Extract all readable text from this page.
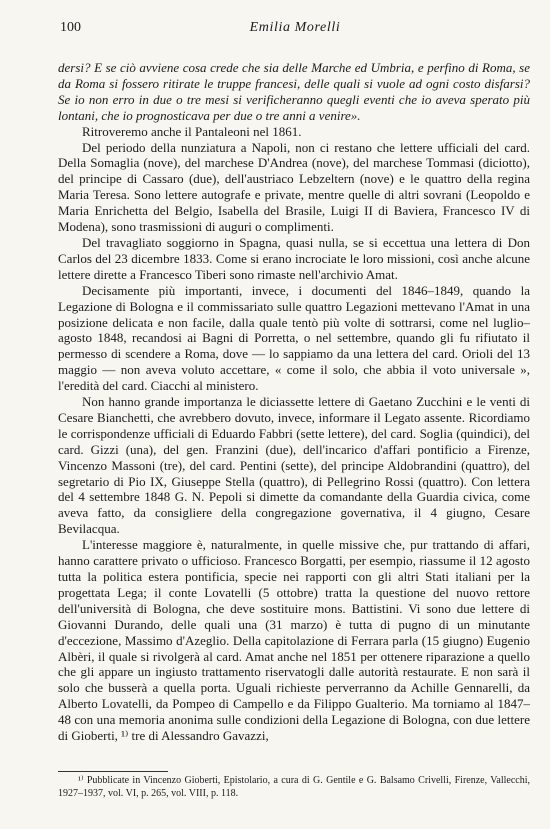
100	Emilia Morelli

dersi? E se ciò avviene cosa crede che sia delle Marche ed Umbria, e perfino di Roma, se da Roma si fossero ritirate le truppe francesi, delle quali si vuole ad ogni costo disfarsi? Se io non erro in due o tre mesi si verificheranno quegli eventi che io aveva sperato più lontani, che io prognosticava per due o tre anni a venire».

Ritroveremo anche il Pantaleoni nel 1861.

Del periodo della nunziatura a Napoli, non ci restano che lettere ufficiali del card. Della Somaglia (nove), del marchese D'Andrea (nove), del marchese Tommasi (diciotto), del principe di Cassaro (due), dell'austriaco Lebzeltern (nove) e le quattro della regina Maria Teresa. Sono lettere autografe e private, mentre quelle di altri sovrani (Leopoldo e Maria Enrichetta del Belgio, Isabella del Brasile, Luigi II di Baviera, Francesco IV di Modena), sono trasmissioni di auguri o complimenti.

Del travagliato soggiorno in Spagna, quasi nulla, se si eccettua una lettera di Don Carlos del 23 dicembre 1833. Come si erano incrociate le loro missioni, così anche alcune lettere dirette a Francesco Tiberi sono rimaste nell'archivio Amat.

Decisamente più importanti, invece, i documenti del 1846–1849, quando la Legazione di Bologna e il commissariato sulle quattro Legazioni mettevano l'Amat in una posizione delicata e non facile, dalla quale tentò più volte di sottrarsi, come nel luglio–agosto 1848, recandosi ai Bagni di Porretta, o nel settembre, quando gli fu rifiutato il permesso di scendere a Roma, dove — lo sappiamo da una lettera del card. Orioli del 13 maggio — non aveva voluto accettare, « come il solo, che abbia il voto universale », l'eredità del card. Ciacchi al ministero.

Non hanno grande importanza le diciassette lettere di Gaetano Zucchini e le venti di Cesare Bianchetti, che avrebbero dovuto, invece, informare il Legato assente. Ricordiamo le corrispondenze ufficiali di Eduardo Fabbri (sette lettere), del card. Soglia (quindici), del card. Gizzi (una), del gen. Franzini (due), dell'incarico d'affari pontificio a Firenze, Vincenzo Massoni (tre), del card. Pentini (sette), del principe Aldobrandini (quattro), del segretario di Pio IX, Giuseppe Stella (quattro), di Pellegrino Rossi (quattro). Con lettera del 4 settembre 1848 G. N. Pepoli si dimette da comandante della Guardia civica, come aveva fatto, da consigliere della congregazione governativa, il 4 giugno, Cesare Bevilacqua.

L'interesse maggiore è, naturalmente, in quelle missive che, pur trattando di affari, hanno carattere privato o ufficioso. Francesco Borgatti, per esempio, riassume il 12 agosto tutta la politica estera pontificia, specie nei rapporti con gli altri Stati italiani per la progettata Lega; il conte Lovatelli (5 ottobre) tratta la questione del nuovo rettore dell'università di Bologna, che deve sostituire mons. Battistini. Vi sono due lettere di Giovanni Durando, delle quali una (31 marzo) è tutta di pugno di un minutante d'eccezione, Massimo d'Azeglio. Della capitolazione di Ferrara parla (15 giugno) Eugenio Albèri, il quale si rivolgerà al card. Amat anche nel 1851 per ottenere riparazione a quello che gli appare un ingiusto trattamento riservatogli dalle autorità restaurate. E non sarà il solo che busserà a quella porta. Uguali richieste perverranno da Achille Gennarelli, da Alberto Lovatelli, da Pompeo di Campello e da Filippo Gualterio. Ma torniamo al 1847–48 con una memoria anonima sulle condizioni della Legazione di Bologna, con due lettere di Gioberti, ¹⁾ tre di Alessandro Gavazzi,

¹⁾ Pubblicate in Vincenzo Gioberti, Epistolario, a cura di G. Gentile e G. Balsamo Crivelli, Firenze, Vallecchi, 1927–1937, vol. VI, p. 265, vol. VIII, p. 118.
